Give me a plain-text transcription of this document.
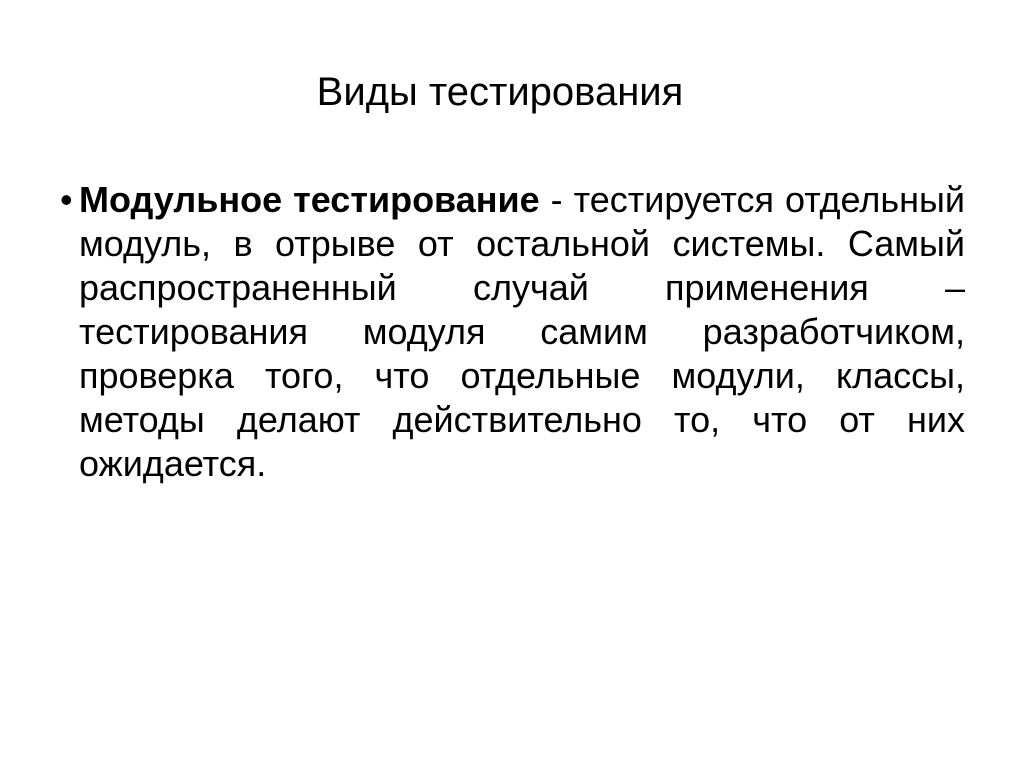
Виды тестирования

• Модульное тестирование - тестируется отдельный модуль, в отрыве от остальной системы. Самый распространенный случай применения – тестирования модуля самим разработчиком, проверка того, что отдельные модули, классы, методы делают действительно то, что от них ожидается.
